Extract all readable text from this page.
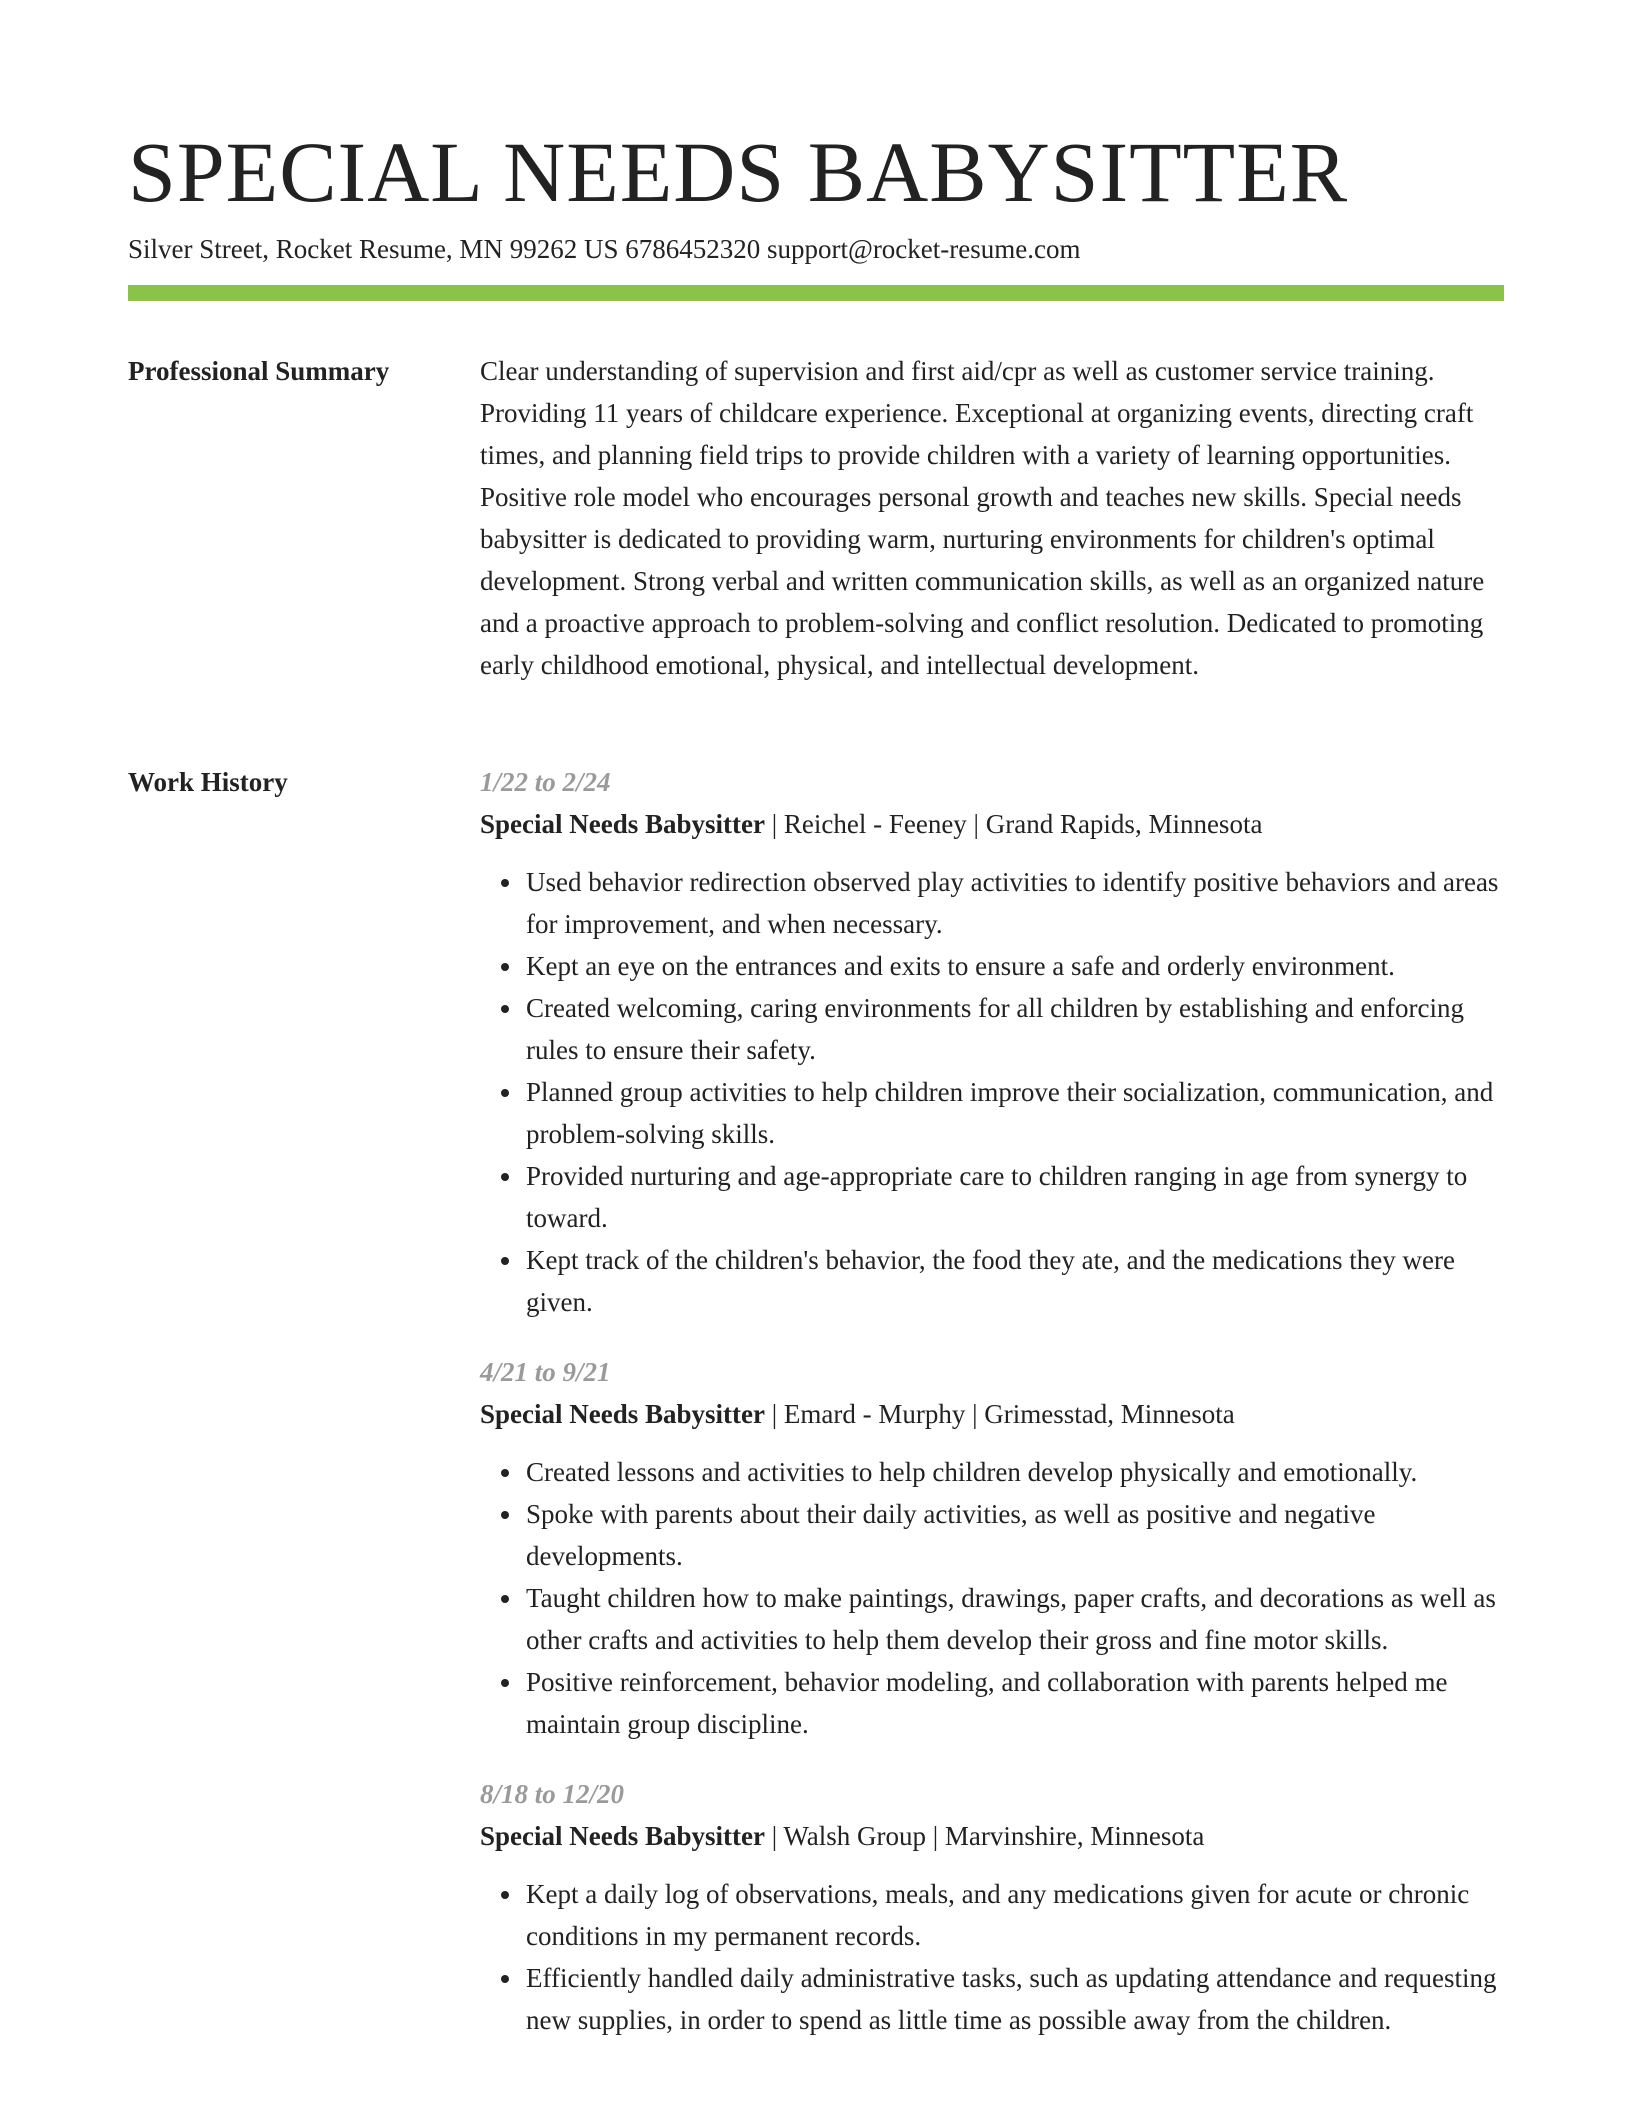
SPECIAL NEEDS BABYSITTER
Silver Street, Rocket Resume, MN 99262 US 6786452320 support@rocket-resume.com
Professional Summary	Clear understanding of supervision and first aid/cpr as well as customer service training. Providing 11 years of childcare experience. Exceptional at organizing events, directing craft times, and planning field trips to provide children with a variety of learning opportunities. Positive role model who encourages personal growth and teaches new skills. Special needs babysitter is dedicated to providing warm, nurturing environments for children's optimal development. Strong verbal and written communication skills, as well as an organized nature and a proactive approach to problem-solving and conflict resolution. Dedicated to promoting early childhood emotional, physical, and intellectual development.

Work History	1/22 to 2/24

Special Needs Babysitter | Reichel - Feeney | Grand Rapids, Minnesota

• Used behavior redirection observed play activities to identify positive behaviors and areas for improvement, and when necessary.
• Kept an eye on the entrances and exits to ensure a safe and orderly environment.
• Created welcoming, caring environments for all children by establishing and enforcing rules to ensure their safety.
• Planned group activities to help children improve their socialization, communication, and problem-solving skills.
• Provided nurturing and age-appropriate care to children ranging in age from synergy to toward.
• Kept track of the children's behavior, the food they ate, and the medications they were given.

4/21 to 9/21

Special Needs Babysitter | Emard - Murphy | Grimesstad, Minnesota

• Created lessons and activities to help children develop physically and emotionally.
• Spoke with parents about their daily activities, as well as positive and negative developments.
• Taught children how to make paintings, drawings, paper crafts, and decorations as well as other crafts and activities to help them develop their gross and fine motor skills.
• Positive reinforcement, behavior modeling, and collaboration with parents helped me maintain group discipline.

8/18 to 12/20

Special Needs Babysitter | Walsh Group | Marvinshire, Minnesota

• Kept a daily log of observations, meals, and any medications given for acute or chronic conditions in my permanent records.
• Efficiently handled daily administrative tasks, such as updating attendance and requesting new supplies, in order to spend as little time as possible away from the children.
